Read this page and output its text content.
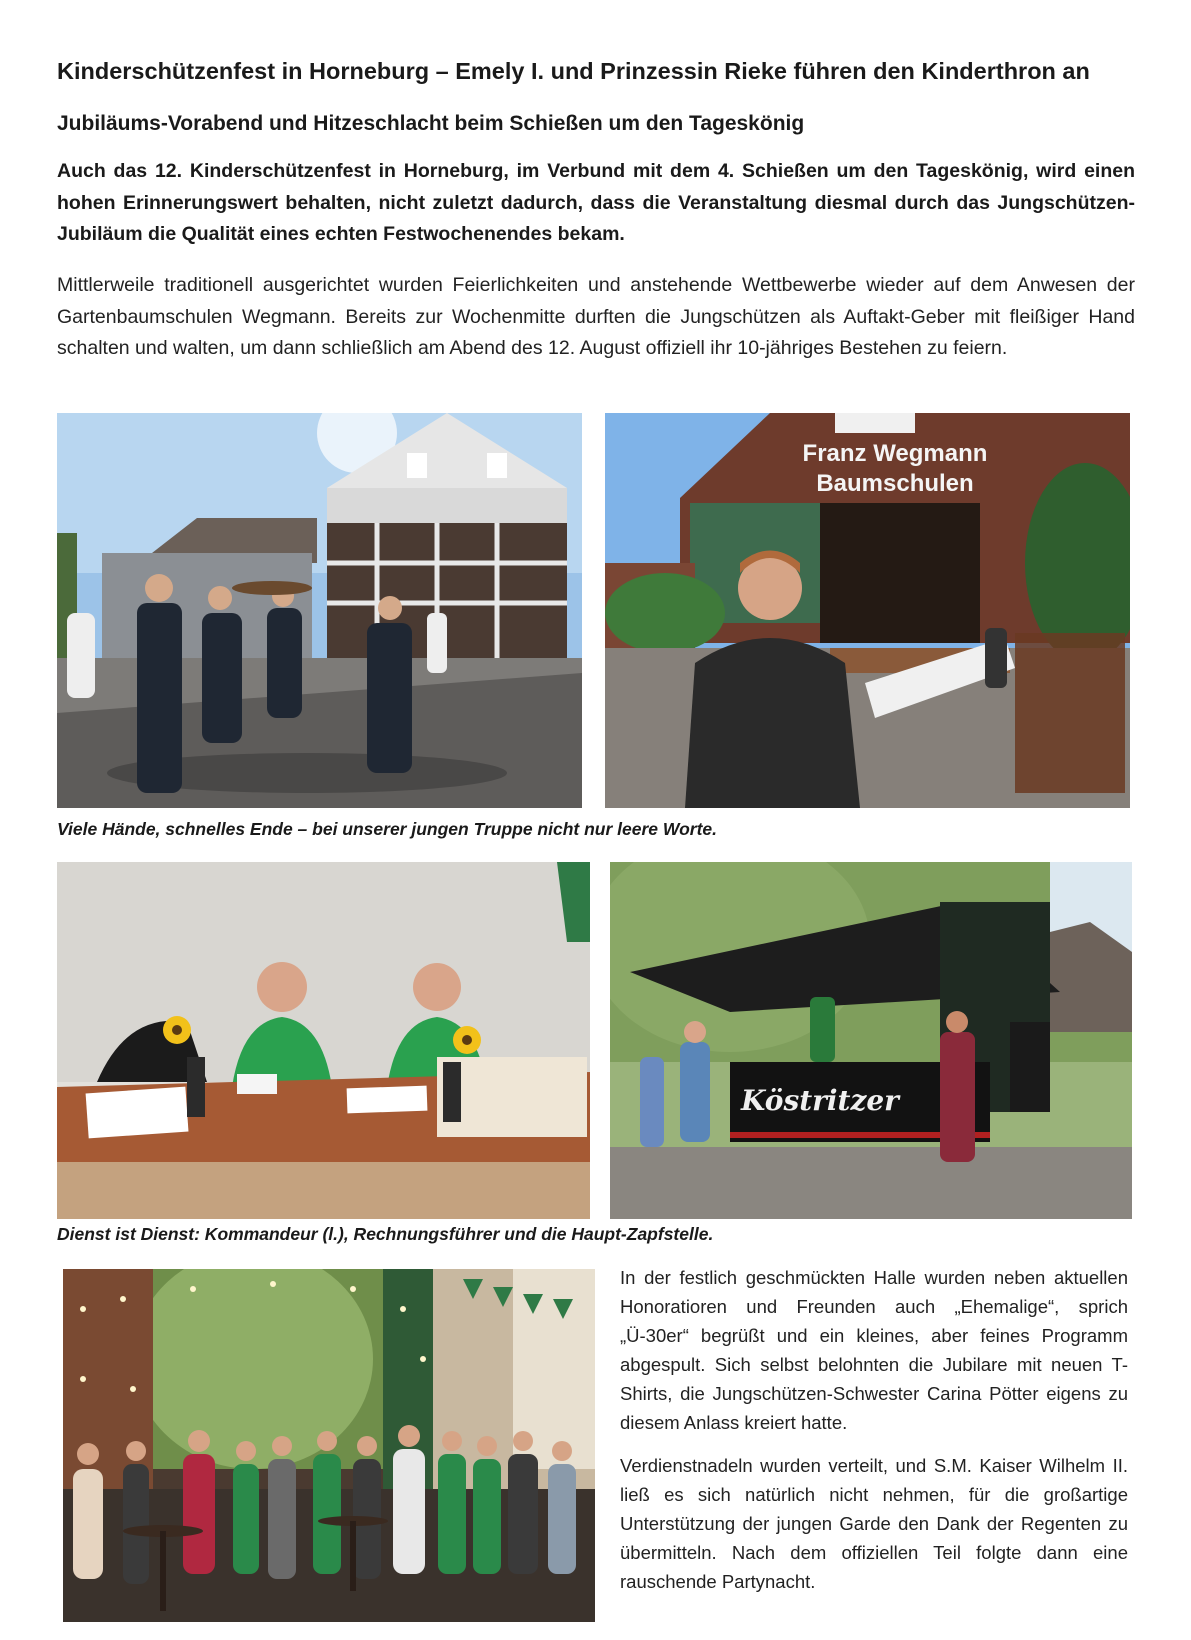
Kinderschützenfest in Horneburg – Emely I. und Prinzessin Rieke führen den Kinderthron an
Jubiläums-Vorabend und Hitzeschlacht beim Schießen um den Tageskönig

Auch das 12. Kinderschützenfest in Horneburg, im Verbund mit dem 4. Schießen um den Tageskönig, wird einen hohen Erinnerungswert behalten, nicht zuletzt dadurch, dass die Veranstaltung diesmal durch das Jungschützen-Jubiläum die Qualität eines echten Festwochenendes bekam.

Mittlerweile traditionell ausgerichtet wurden Feierlichkeiten und anstehende Wettbewerbe wieder auf dem Anwesen der Gartenbaumschulen Wegmann. Bereits zur Wochenmitte durften die Jungschützen als Auftakt-Geber mit fleißiger Hand schalten und walten, um dann schließlich am Abend des 12. August offiziell ihr 10-jähriges Bestehen zu feiern.

Franz Wegmann
Baumschulen

Viele Hände, schnelles Ende – bei unserer jungen Truppe nicht nur leere Worte.

Köstritzer

Dienst ist Dienst: Kommandeur (l.), Rechnungsführer und die Haupt-Zapfstelle.

In der festlich geschmückten Halle wurden neben aktuellen Honoratioren und Freunden auch „Ehemalige“, sprich „Ü-30er“ begrüßt und ein kleines, aber feines Programm abgespult. Sich selbst belohnten die Jubilare mit neuen T-Shirts, die Jungschützen-Schwester Carina Pötter eigens zu diesem Anlass kreiert hatte.

Verdienstnadeln wurden verteilt, und S.M. Kaiser Wilhelm II. ließ es sich natürlich nicht nehmen, für die großartige Unterstützung der jungen Garde den Dank der Regenten zu übermitteln. Nach dem offiziellen Teil folgte dann eine rauschende Partynacht.
